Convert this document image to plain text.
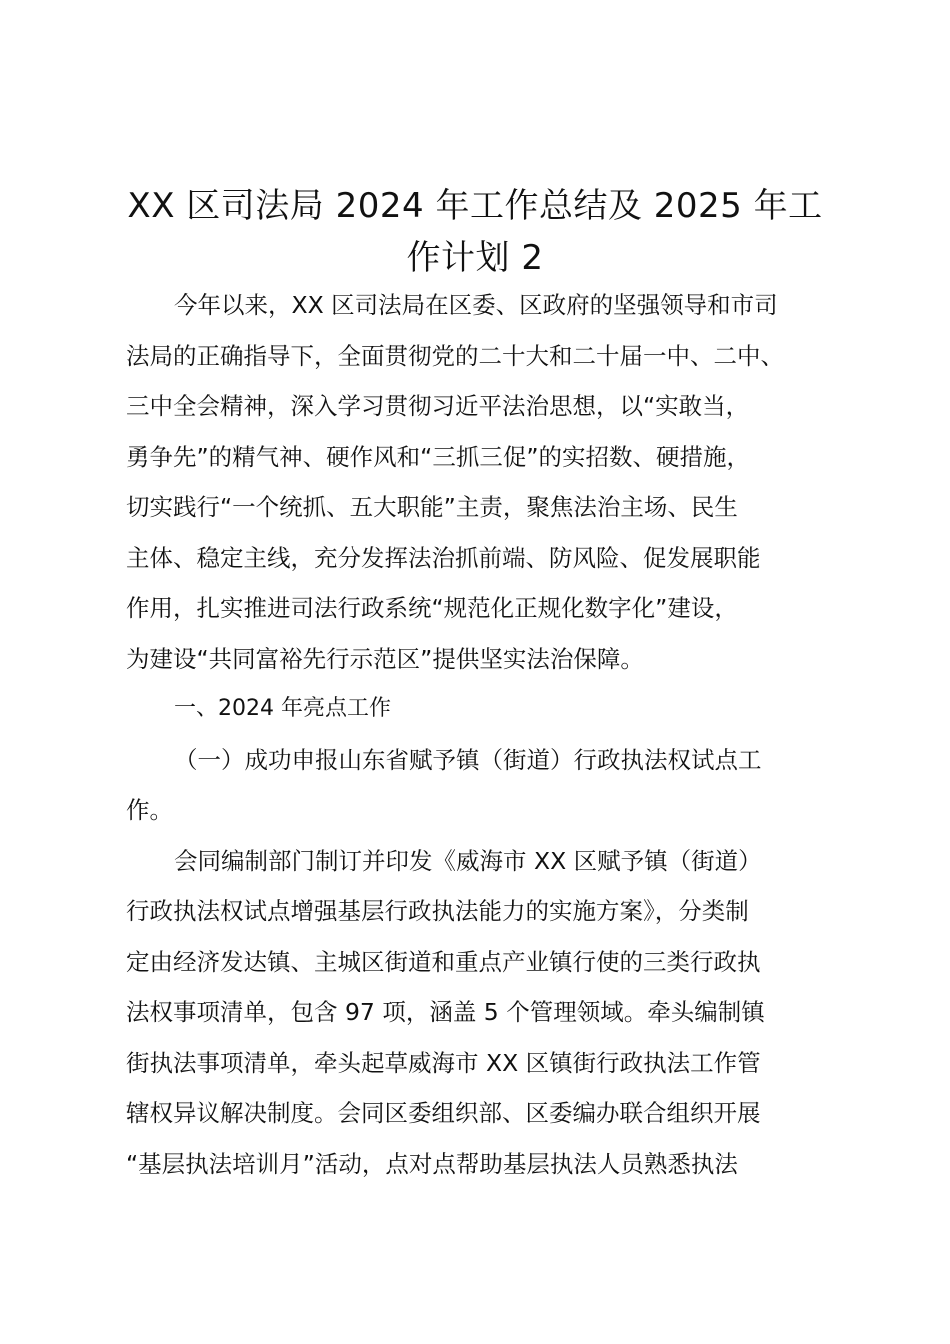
XX 区司法局 2024 年工作总结及 2025 年工
作计划 2
今年以来，XX 区司法局在区委、区政府的坚强领导和市司
法局的正确指导下，全面贯彻党的二十大和二十届一中、二中、
三中全会精神，深入学习贯彻习近平法治思想，以“实敢当，
勇争先”的精气神、硬作风和“三抓三促”的实招数、硬措施，
切实践行“一个统抓、五大职能”主责，聚焦法治主场、民生
主体、稳定主线，充分发挥法治抓前端、防风险、促发展职能
作用，扎实推进司法行政系统“规范化正规化数字化”建设，
为建设“共同富裕先行示范区”提供坚实法治保障。
一、2024 年亮点工作
（一）成功申报山东省赋予镇（街道）行政执法权试点工
作。
会同编制部门制订并印发《威海市 XX 区赋予镇（街道）
行政执法权试点增强基层行政执法能力的实施方案》，分类制
定由经济发达镇、主城区街道和重点产业镇行使的三类行政执
法权事项清单，包含 97 项，涵盖 5 个管理领域。牵头编制镇
街执法事项清单，牵头起草威海市 XX 区镇街行政执法工作管
辖权异议解决制度。会同区委组织部、区委编办联合组织开展
“基层执法培训月”活动，点对点帮助基层执法人员熟悉执法
